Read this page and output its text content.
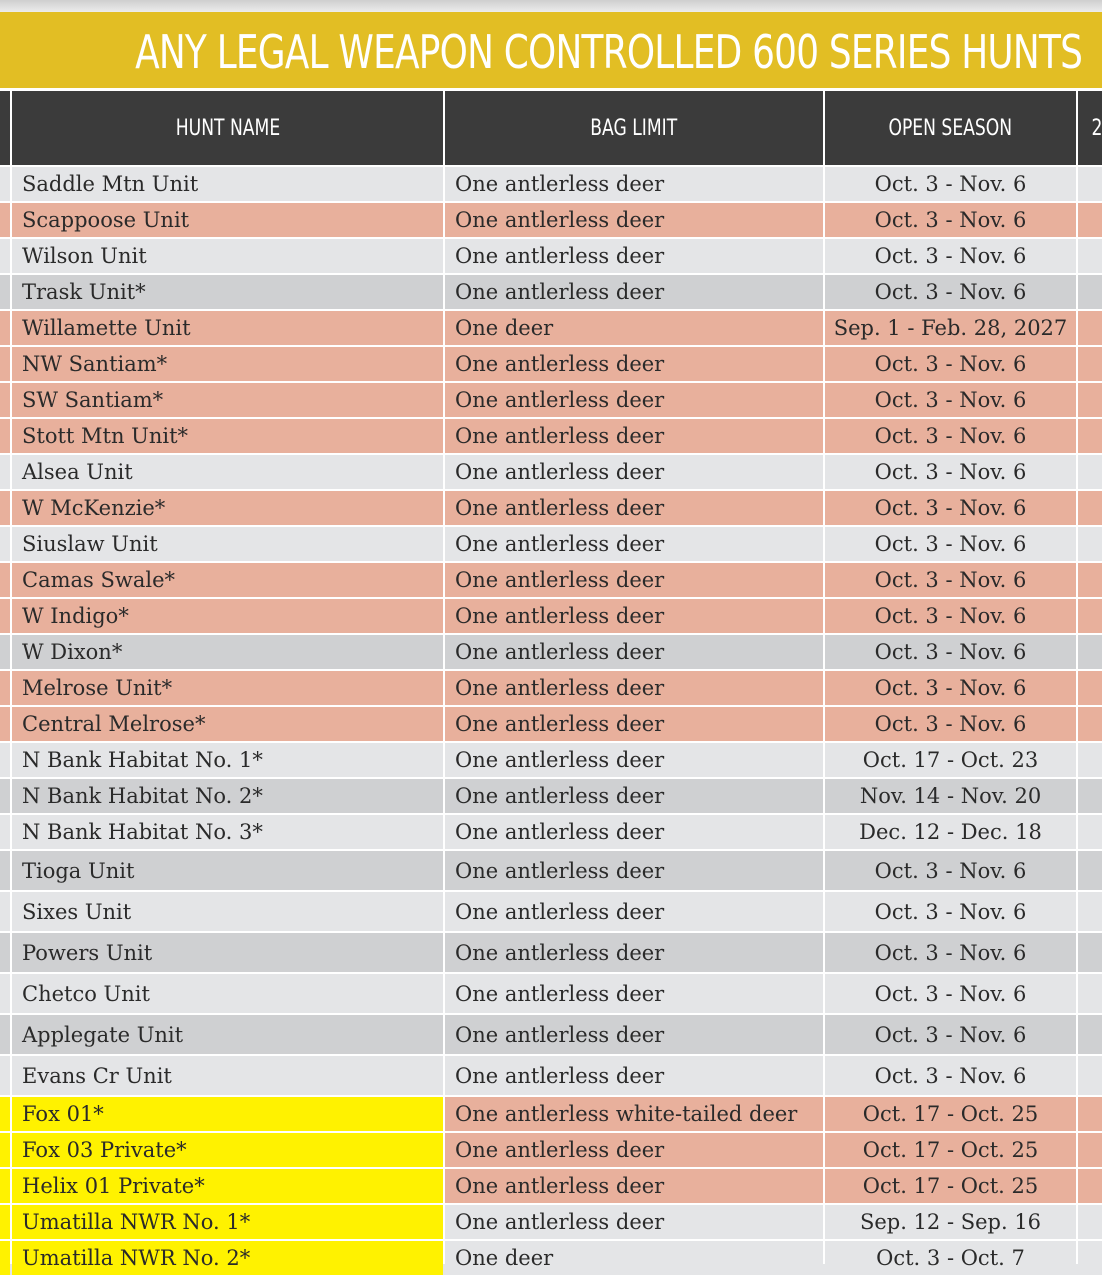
ANY LEGAL WEAPON CONTROLLED 600 SERIES HUNTS
HUNT NAME	BAG LIMIT	OPEN SEASON	2
Saddle Mtn Unit	One antlerless deer	Oct. 3 - Nov. 6
Scappoose Unit	One antlerless deer	Oct. 3 - Nov. 6
Wilson Unit	One antlerless deer	Oct. 3 - Nov. 6
Trask Unit*	One antlerless deer	Oct. 3 - Nov. 6
Willamette Unit	One deer	Sep. 1 - Feb. 28, 2027
NW Santiam*	One antlerless deer	Oct. 3 - Nov. 6
SW Santiam*	One antlerless deer	Oct. 3 - Nov. 6
Stott Mtn Unit*	One antlerless deer	Oct. 3 - Nov. 6
Alsea Unit	One antlerless deer	Oct. 3 - Nov. 6
W McKenzie*	One antlerless deer	Oct. 3 - Nov. 6
Siuslaw Unit	One antlerless deer	Oct. 3 - Nov. 6
Camas Swale*	One antlerless deer	Oct. 3 - Nov. 6
W Indigo*	One antlerless deer	Oct. 3 - Nov. 6
W Dixon*	One antlerless deer	Oct. 3 - Nov. 6
Melrose Unit*	One antlerless deer	Oct. 3 - Nov. 6
Central Melrose*	One antlerless deer	Oct. 3 - Nov. 6
N Bank Habitat No. 1*	One antlerless deer	Oct. 17 - Oct. 23
N Bank Habitat No. 2*	One antlerless deer	Nov. 14 - Nov. 20
N Bank Habitat No. 3*	One antlerless deer	Dec. 12 - Dec. 18
Tioga Unit	One antlerless deer	Oct. 3 - Nov. 6
Sixes Unit	One antlerless deer	Oct. 3 - Nov. 6
Powers Unit	One antlerless deer	Oct. 3 - Nov. 6
Chetco Unit	One antlerless deer	Oct. 3 - Nov. 6
Applegate Unit	One antlerless deer	Oct. 3 - Nov. 6
Evans Cr Unit	One antlerless deer	Oct. 3 - Nov. 6
Fox 01*	One antlerless white-tailed deer	Oct. 17 - Oct. 25
Fox 03 Private*	One antlerless deer	Oct. 17 - Oct. 25
Helix 01 Private*	One antlerless deer	Oct. 17 - Oct. 25
Umatilla NWR No. 1*	One antlerless deer	Sep. 12 - Sep. 16
Umatilla NWR No. 2*	One deer	Oct. 3 - Oct. 7
